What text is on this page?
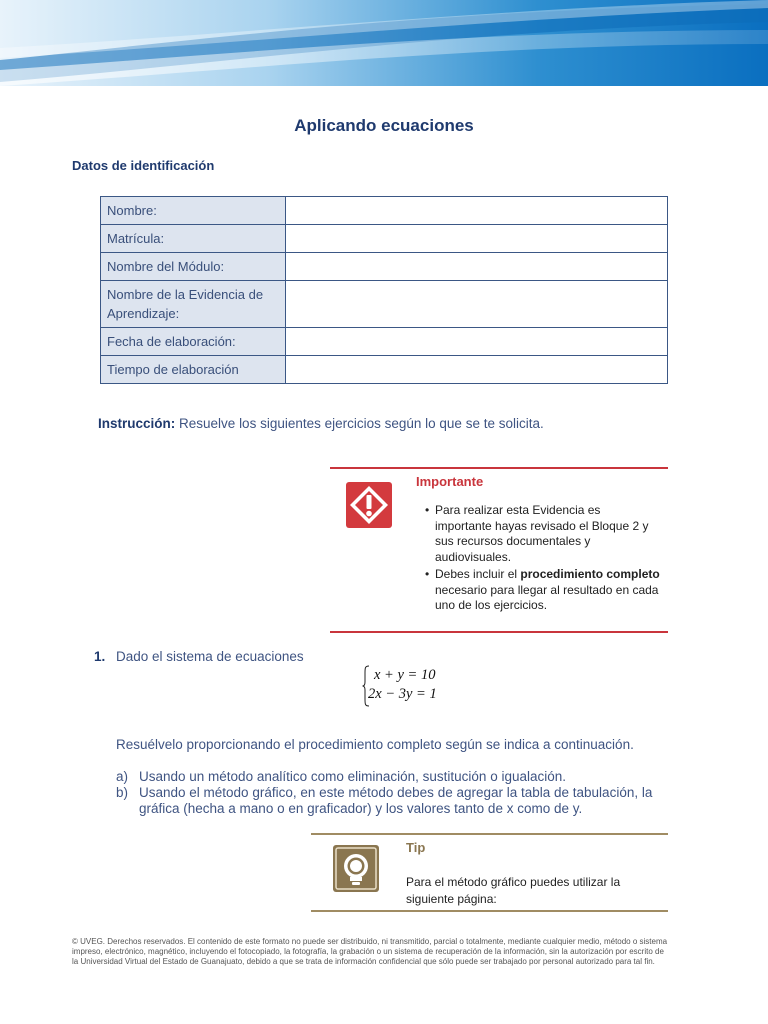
Aplicando ecuaciones
Datos de identificación
Nombre:	
Matrícula:	
Nombre del Módulo:	
Nombre de la Evidencia de Aprendizaje:	
Fecha de elaboración:	
Tiempo de elaboración	
Instrucción: Resuelve los siguientes ejercicios según lo que se te solicita.
Importante
• Para realizar esta Evidencia es importante hayas revisado el Bloque 2 y sus recursos documentales y audiovisuales.
• Debes incluir el procedimiento completo necesario para llegar al resultado en cada uno de los ejercicios.
1. Dado el sistema de ecuaciones
x + y = 10
2x − 3y = 1
Resuélvelo proporcionando el procedimiento completo según se indica a continuación.
a) Usando un método analítico como eliminación, sustitución o igualación.
b) Usando el método gráfico, en este método debes de agregar la tabla de tabulación, la gráfica (hecha a mano o en graficador) y los valores tanto de x como de y.
Tip
Para el método gráfico puedes utilizar la siguiente página:
© UVEG. Derechos reservados. El contenido de este formato no puede ser distribuido, ni transmitido, parcial o totalmente, mediante cualquier medio, método o sistema impreso, electrónico, magnético, incluyendo el fotocopiado, la fotografía, la grabación o un sistema de recuperación de la información, sin la autorización por escrito de la Universidad Virtual del Estado de Guanajuato, debido a que se trata de información confidencial que sólo puede ser trabajado por personal autorizado para tal fin.
